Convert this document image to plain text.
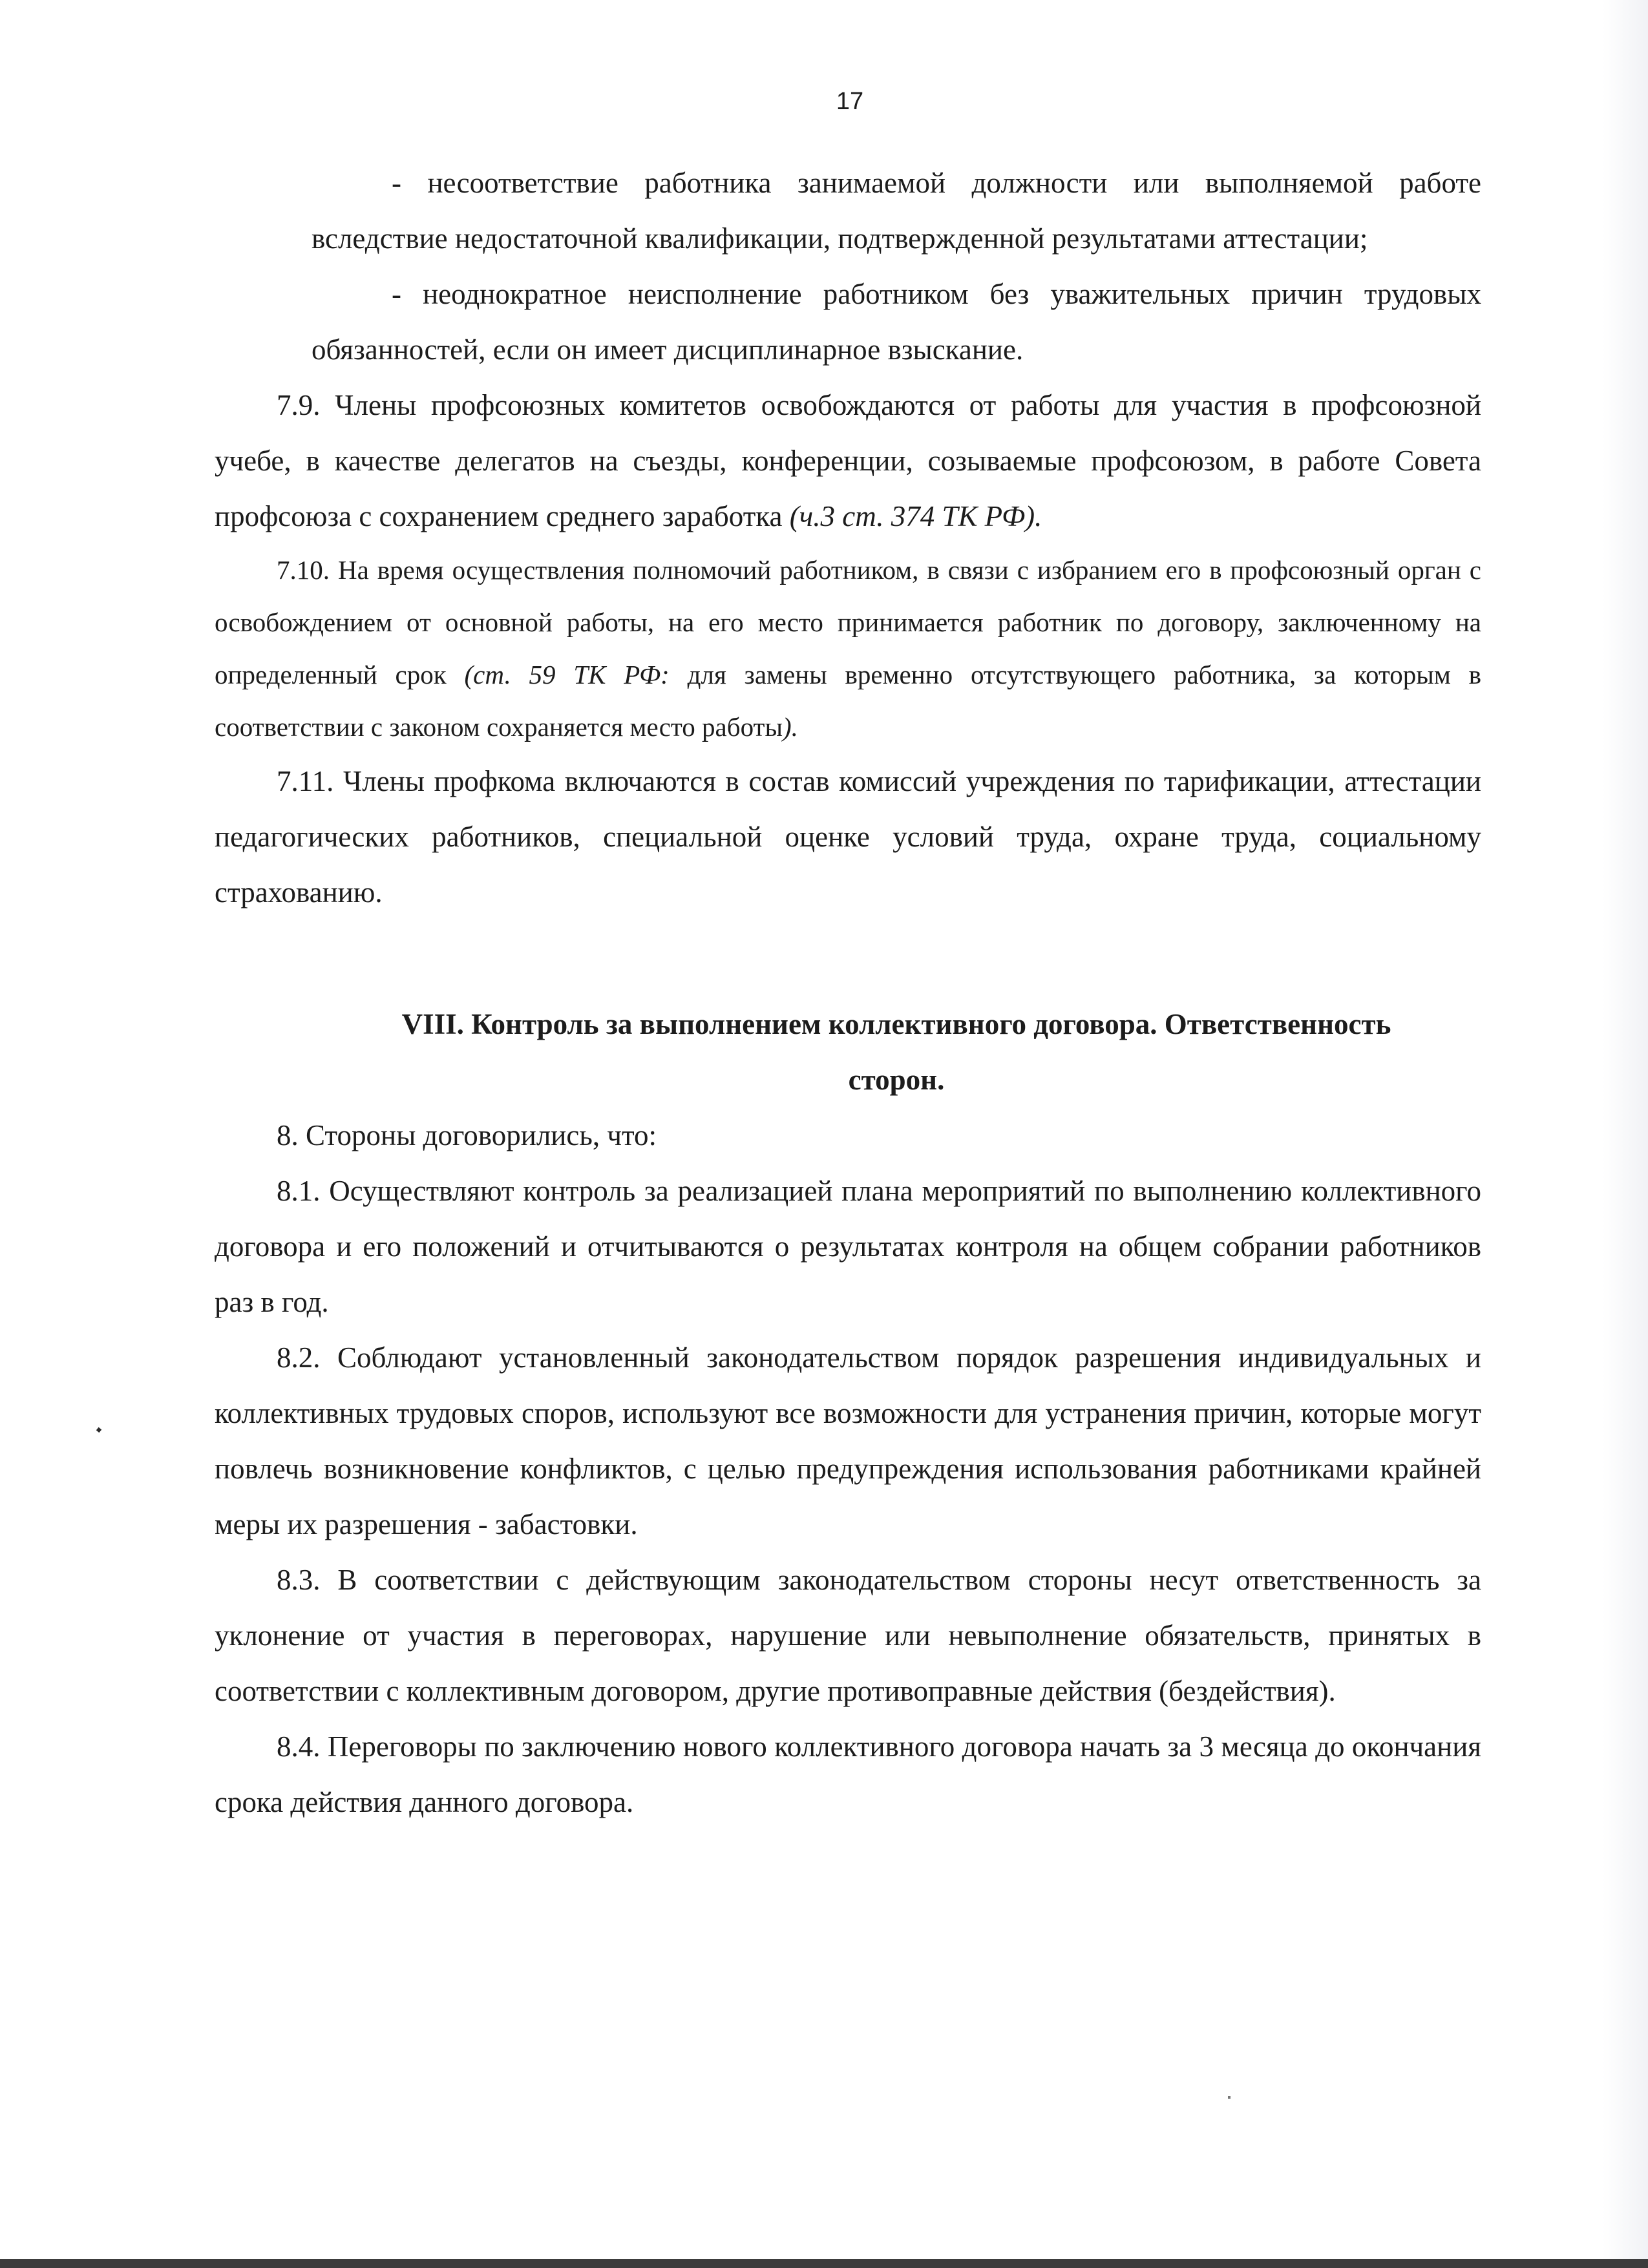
17

- несоответствие работника занимаемой должности или выполняемой работе вследствие недостаточной квалификации, подтвержденной результатами аттестации;

- неоднократное неисполнение работником без уважительных причин трудовых обязанностей, если он имеет дисциплинарное взыскание.

7.9. Члены профсоюзных комитетов освобождаются от работы для участия в профсоюзной учебе, в качестве делегатов на съезды, конференции, созываемые профсоюзом, в работе Совета профсоюза с сохранением среднего заработка (ч.3 ст. 374 ТК РФ).

7.10. На время осуществления полномочий работником, в связи с избранием его в профсоюзный орган с освобождением от основной работы, на его место принимается работник по договору, заключенному на определенный срок (ст. 59 ТК РФ: для замены временно отсутствующего работника, за которым в соответствии с законом сохраняется место работы).

7.11. Члены профкома включаются в состав комиссий учреждения по тарификации, аттестации педагогических работников, специальной оценке условий труда, охране труда, социальному страхованию.

VIII. Контроль за выполнением коллективного договора. Ответственность
сторон.

8. Стороны договорились, что:

8.1. Осуществляют контроль за реализацией плана мероприятий по выполнению коллективного договора и его положений и отчитываются о результатах контроля на общем собрании работников раз в год.

8.2. Соблюдают установленный законодательством порядок разрешения индивидуальных и коллективных трудовых споров, используют все возможности для устранения причин, которые могут повлечь возникновение конфликтов, с целью предупреждения использования работниками крайней меры их разрешения - забастовки.

8.3. В соответствии с действующим законодательством стороны несут ответственность за уклонение от участия в переговорах, нарушение или невыполнение обязательств, принятых в соответствии с коллективным договором, другие противоправные действия (бездействия).

8.4. Переговоры по заключению нового коллективного договора начать за 3 месяца до окончания срока действия данного договора.
